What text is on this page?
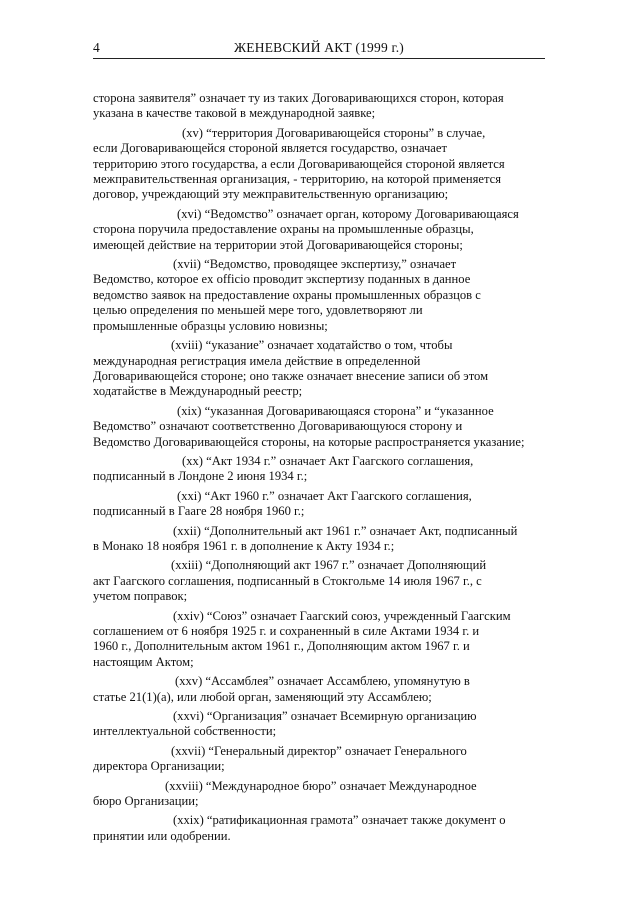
4	ЖЕНЕВСКИЙ АКТ (1999 г.)
сторона заявителя” означает ту из таких Договаривающихся сторон, которая
указана в качестве таковой в международной заявке;
(xv) “территория Договаривающейся стороны” в случае,
если Договаривающейся стороной является государство, означает
территорию этого государства, а если Договаривающейся стороной является
межправительственная организация, - территорию, на которой применяется
договор, учреждающий эту межправительственную организацию;
(xvi) “Ведомство” означает орган, которому Договаривающаяся
сторона поручила предоставление охраны на промышленные образцы,
имеющей действие на территории этой Договаривающейся стороны;
(xvii) “Ведомство, проводящее экспертизу,” означает
Ведомство, которое ex officio проводит экспертизу поданных в данное
ведомство заявок на предоставление охраны промышленных образцов с
целью определения по меньшей мере того, удовлетворяют ли
промышленные образцы условию новизны;
(xviii) “указание” означает ходатайство о том, чтобы
международная регистрация имела действие в определенной
Договаривающейся стороне; оно также означает внесение записи об этом
ходатайстве в Международный реестр;
(xix) “указанная Договаривающаяся сторона” и “указанное
Ведомство” означают соответственно Договаривающуюся сторону и
Ведомство Договаривающейся стороны, на которые распространяется указание;
(xx) “Акт 1934 г.” означает Акт Гаагского соглашения,
подписанный в Лондоне 2 июня 1934 г.;
(xxi) “Акт 1960 г.” означает Акт Гаагского соглашения,
подписанный в Гааге 28 ноября 1960 г.;
(xxii) “Дополнительный акт 1961 г.” означает Акт, подписанный
в Монако 18 ноября 1961 г. в дополнение к Акту 1934 г.;
(xxiii) “Дополняющий акт 1967 г.” означает Дополняющий
акт Гаагского соглашения, подписанный в Стокгольме 14 июля 1967 г., с
учетом поправок;
(xxiv) “Союз” означает Гаагский союз, учрежденный Гаагским
соглашением от 6 ноября 1925 г. и сохраненный в силе Актами 1934 г. и
1960 г., Дополнительным актом 1961 г., Дополняющим актом 1967 г. и
настоящим Актом;
(xxv) “Ассамблея” означает Ассамблею, упомянутую в
статье 21(1)(a), или любой орган, заменяющий эту Ассамблею;
(xxvi) “Организация” означает Всемирную организацию
интеллектуальной собственности;
(xxvii) “Генеральный директор” означает Генерального
директора Организации;
(xxviii) “Международное бюро” означает Международное
бюро Организации;
(xxix) “ратификационная грамота” означает также документ о
принятии или одобрении.
